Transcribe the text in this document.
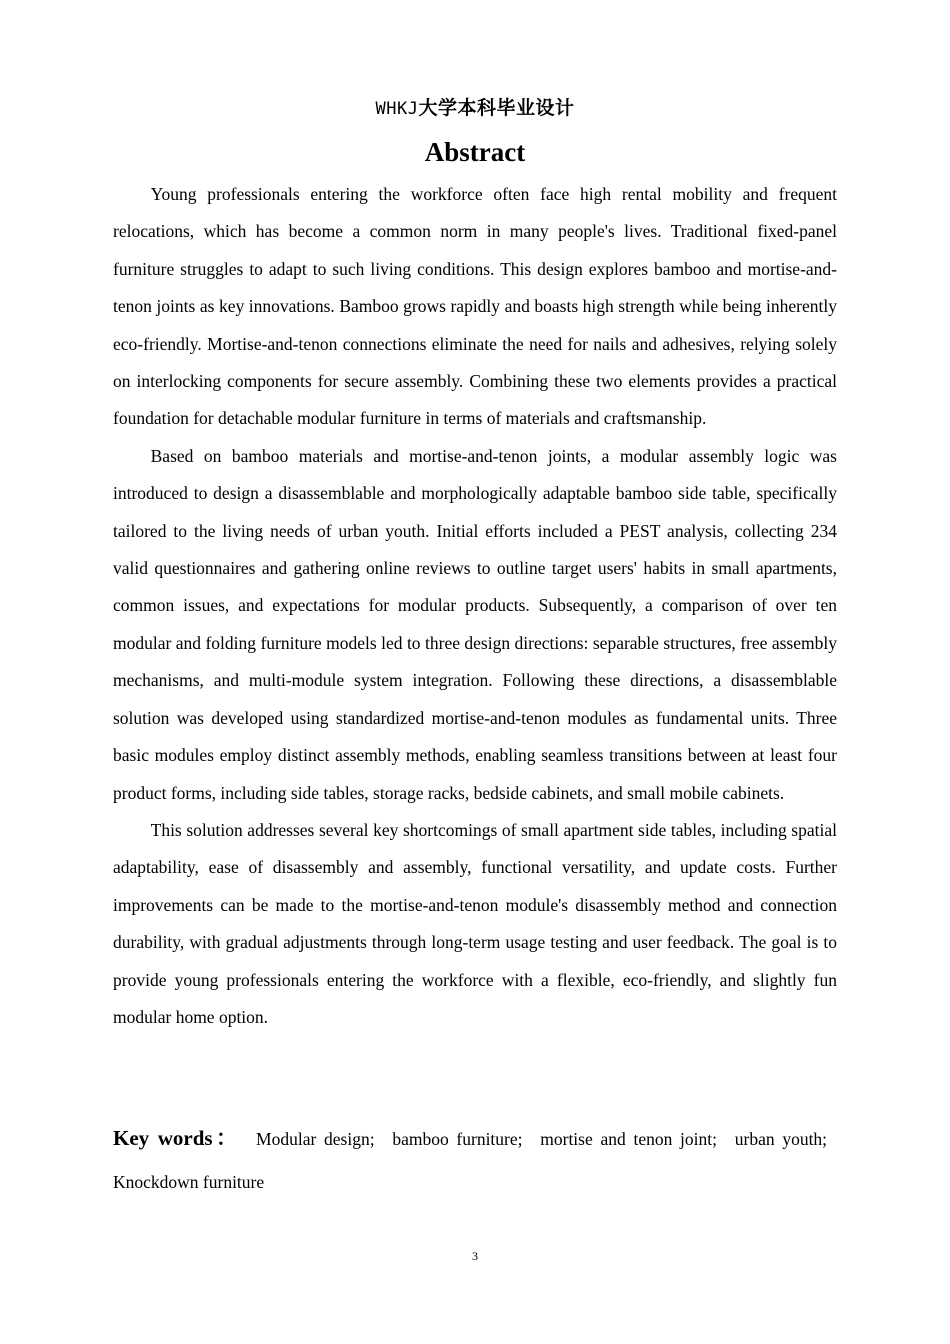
WHKJ大学本科毕业设计
Abstract

Young professionals entering the workforce often face high rental mobility and frequent relocations, which has become a common norm in many people's lives. Traditional fixed-panel furniture struggles to adapt to such living conditions. This design explores bamboo and mortise-and-tenon joints as key innovations. Bamboo grows rapidly and boasts high strength while being inherently eco-friendly. Mortise-and-tenon connections eliminate the need for nails and adhesives, relying solely on interlocking components for secure assembly. Combining these two elements provides a practical foundation for detachable modular furniture in terms of materials and craftsmanship.

Based on bamboo materials and mortise-and-tenon joints, a modular assembly logic was introduced to design a disassemblable and morphologically adaptable bamboo side table, specifically tailored to the living needs of urban youth. Initial efforts included a PEST analysis, collecting 234 valid questionnaires and gathering online reviews to outline target users' habits in small apartments, common issues, and expectations for modular products. Subsequently, a comparison of over ten modular and folding furniture models led to three design directions: separable structures, free assembly mechanisms, and multi-module system integration. Following these directions, a disassemblable solution was developed using standardized mortise-and-tenon modules as fundamental units. Three basic modules employ distinct assembly methods, enabling seamless transitions between at least four product forms, including side tables, storage racks, bedside cabinets, and small mobile cabinets.

This solution addresses several key shortcomings of small apartment side tables, including spatial adaptability, ease of disassembly and assembly, functional versatility, and update costs. Further improvements can be made to the mortise-and-tenon module's disassembly method and connection durability, with gradual adjustments through long-term usage testing and user feedback. The goal is to provide young professionals entering the workforce with a flexible, eco-friendly, and slightly fun modular home option.

Key words： Modular design; bamboo furniture; mortise and tenon joint; urban youth; Knockdown furniture
3
